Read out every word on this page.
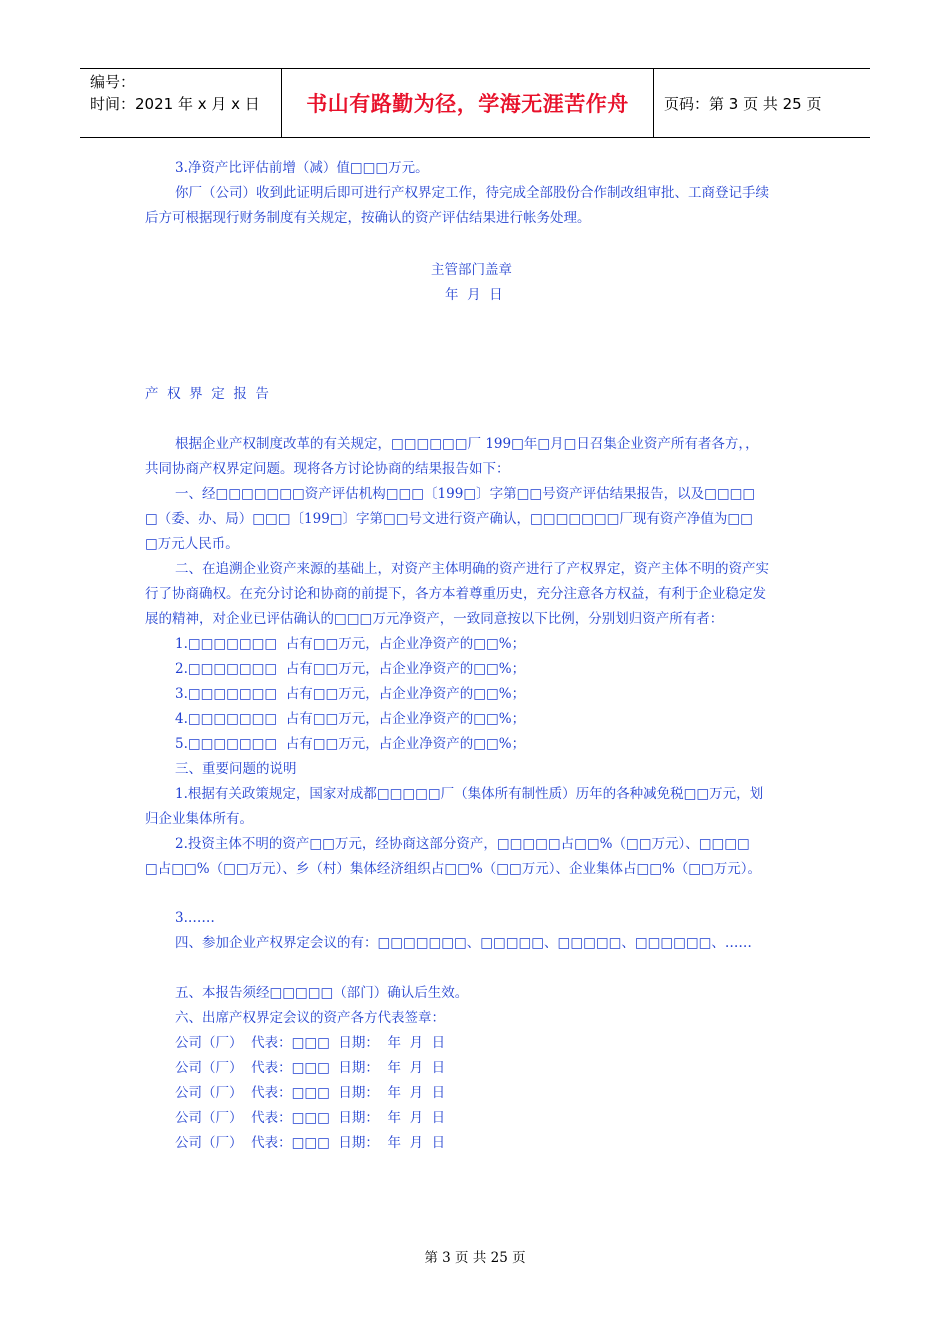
编号：
时间：2021 年 x 月 x 日	书山有路勤为径，学海无涯苦作舟	页码：第 3 页 共 25 页
3.净资产比评估前增（减）值□□□万元。
你厂（公司）收到此证明后即可进行产权界定工作，待完成全部股份合作制改组审批、工商登记手续
后方可根据现行财务制度有关规定，按确认的资产评估结果进行帐务处理。
主管部门盖章
年  月  日
产  权  界  定  报  告
根据企业产权制度改革的有关规定，□□□□□□厂 199□年□月□日召集企业资产所有者各方，，
共同协商产权界定问题。现将各方讨论协商的结果报告如下：
一、经□□□□□□□资产评估机构□□□〔199□〕字第□□号资产评估结果报告，以及□□□□
□（委、办、局）□□□〔199□〕字第□□号文进行资产确认，□□□□□□□厂现有资产净值为□□
□万元人民币。
二、在追溯企业资产来源的基础上，对资产主体明确的资产进行了产权界定，资产主体不明的资产实
行了协商确权。在充分讨论和协商的前提下，各方本着尊重历史，充分注意各方权益，有利于企业稳定发
展的精神，对企业已评估确认的□□□万元净资产，一致同意按以下比例，分别划归资产所有者：
1.□□□□□□□  占有□□万元，占企业净资产的□□%；
2.□□□□□□□  占有□□万元，占企业净资产的□□%；
3.□□□□□□□  占有□□万元，占企业净资产的□□%；
4.□□□□□□□  占有□□万元，占企业净资产的□□%；
5.□□□□□□□  占有□□万元，占企业净资产的□□%；
三、重要问题的说明
1.根据有关政策规定，国家对成都□□□□□厂（集体所有制性质）历年的各种减免税□□万元，划
归企业集体所有。
2.投资主体不明的资产□□万元，经协商这部分资产，□□□□□占□□%（□□万元）、□□□□
□占□□%（□□万元）、乡（村）集体经济组织占□□%（□□万元）、企业集体占□□%（□□万元）。
3.……
四、参加企业产权界定会议的有：□□□□□□□、□□□□□、□□□□□、□□□□□□、……
五、本报告须经□□□□□（部门）确认后生效。
六、出席产权界定会议的资产各方代表签章：
公司（厂）  代表：□□□  日期：  年  月  日
公司（厂）  代表：□□□  日期：  年  月  日
公司（厂）  代表：□□□  日期：  年  月  日
公司（厂）  代表：□□□  日期：  年  月  日
公司（厂）  代表：□□□  日期：  年  月  日
第 3 页 共 25 页
